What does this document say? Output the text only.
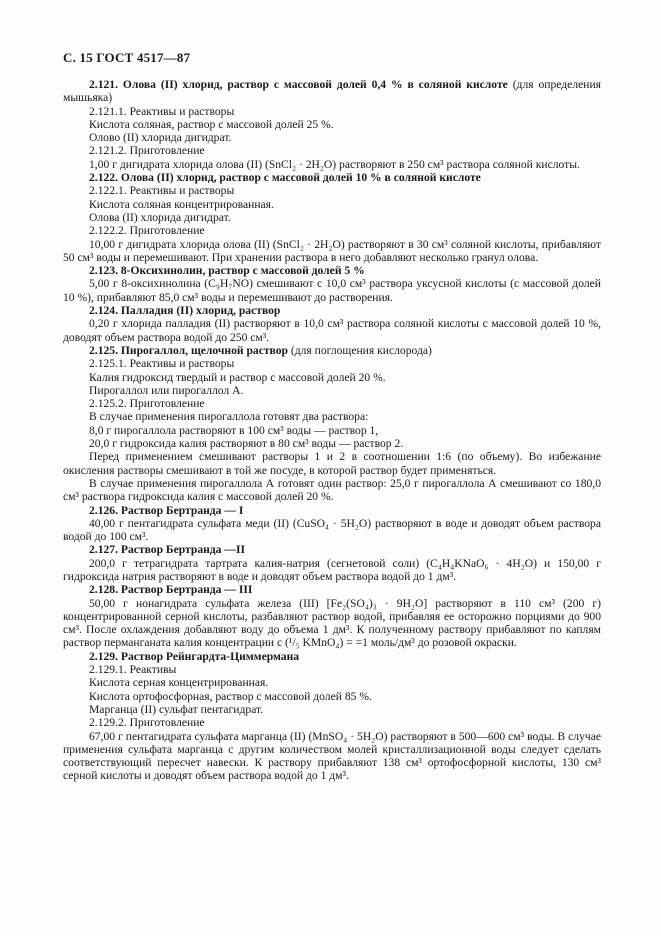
С. 15 ГОСТ 4517—87

2.121. Олова (II) хлорид, раствор с массовой долей 0,4 % в соляной кислоте (для определения мышьяка)

2.121.1. Реактивы и растворы

Кислота соляная, раствор с массовой долей 25 %.

Олово (II) хлорида дигидрат.

2.121.2. Приготовление

1,00 г дигидрата хлорида олова (II) (SnCl₂ · 2H₂O) растворяют в 250 см³ раствора соляной кислоты.

2.122. Олова (II) хлорид, раствор с массовой долей 10 % в соляной кислоте

2.122.1. Реактивы и растворы

Кислота соляная концентрированная.

Олова (II) хлорида дигидрат.

2.122.2. Приготовление

10,00 г дигидрата хлорида олова (II) (SnCl₂ · 2H₂O) растворяют в 30 см³ соляной кислоты, прибавляют 50 см³ воды и перемешивают. При хранении раствора в него добавляют несколько гранул олова.

2.123. 8-Оксихинолин, раствор с массовой долей 5 %

5,00 г 8-оксихинолина (C₉H₇NO) смешивают с 10,0 см³ раствора уксусной кислоты (с массовой долей 10 %), прибавляют 85,0 см³ воды и перемешивают до растворения.

2.124. Палладия (II) хлорид, раствор

0,20 г хлорида палладия (II) растворяют в 10,0 см³ раствора соляной кислоты с массовой долей 10 %, доводят объем раствора водой до 250 см³.

2.125. Пирогаллол, щелочной раствор (для поглощения кислорода)

2.125.1. Реактивы и растворы

Калия гидроксид твердый и раствор с массовой долей 20 %.

Пирогаллол или пирогаллол А.

2.125.2. Приготовление

В случае применения пирогаллола готовят два раствора:

8,0 г пирогаллола растворяют в 100 см³ воды — раствор 1,

20,0 г гидроксида калия растворяют в 80 см³ воды — раствор 2.

Перед применением смешивают растворы 1 и 2 в соотношении 1:6 (по объему). Во избежание окисления растворы смешивают в той же посуде, в которой раствор будет применяться.

В случае применения пирогаллола А готовят один раствор: 25,0 г пирогаллола А смешивают со 180,0 см³ раствора гидроксида калия с массовой долей 20 %.

2.126. Раствор Бертранда — I

40,00 г пентагидрата сульфата меди (II) (CuSO₄ · 5H₂O) растворяют в воде и доводят объем раствора водой до 100 см³.

2.127. Раствор Бертранда —II

200,0 г тетрагидрата тартрата калия-натрия (сегнетовой соли) (C₄H₄KNaO₆ · 4H₂O) и 150,00 г гидроксида натрия растворяют в воде и доводят объем раствора водой до 1 дм³.

2.128. Раствор Бертранда — III

50,00 г нонагидрата сульфата железа (III) [Fe₂(SO₄)₃ · 9H₂O] растворяют в 110 см³ (200 г) концентрированной серной кислоты, разбавляют раствор водой, прибавляя ее осторожно порциями до 900 см³. После охлаждения добавляют воду до объема 1 дм³. К полученному раствору прибавляют по каплям раствор перманганата калия концентрации c (¹/₅ KMnO₄) = =1 моль/дм³ до розовой окраски.

2.129. Раствор Рейнгардта-Циммермана

2.129.1. Реактивы

Кислота серная концентрированная.

Кислота ортофосфорная, раствор с массовой долей 85 %.

Марганца (II) сульфат пентагидрат.

2.129.2. Приготовление

67,00 г пентагидрата сульфата марганца (II) (MnSO₄ · 5H₂O) растворяют в 500—600 см³ воды. В случае применения сульфата марганца с другим количеством молей кристаллизационной воды следует сделать соответствующий пересчет навески. К раствору прибавляют 138 см³ ортофосфорной кислоты, 130 см³ серной кислоты и доводят объем раствора водой до 1 дм³.
